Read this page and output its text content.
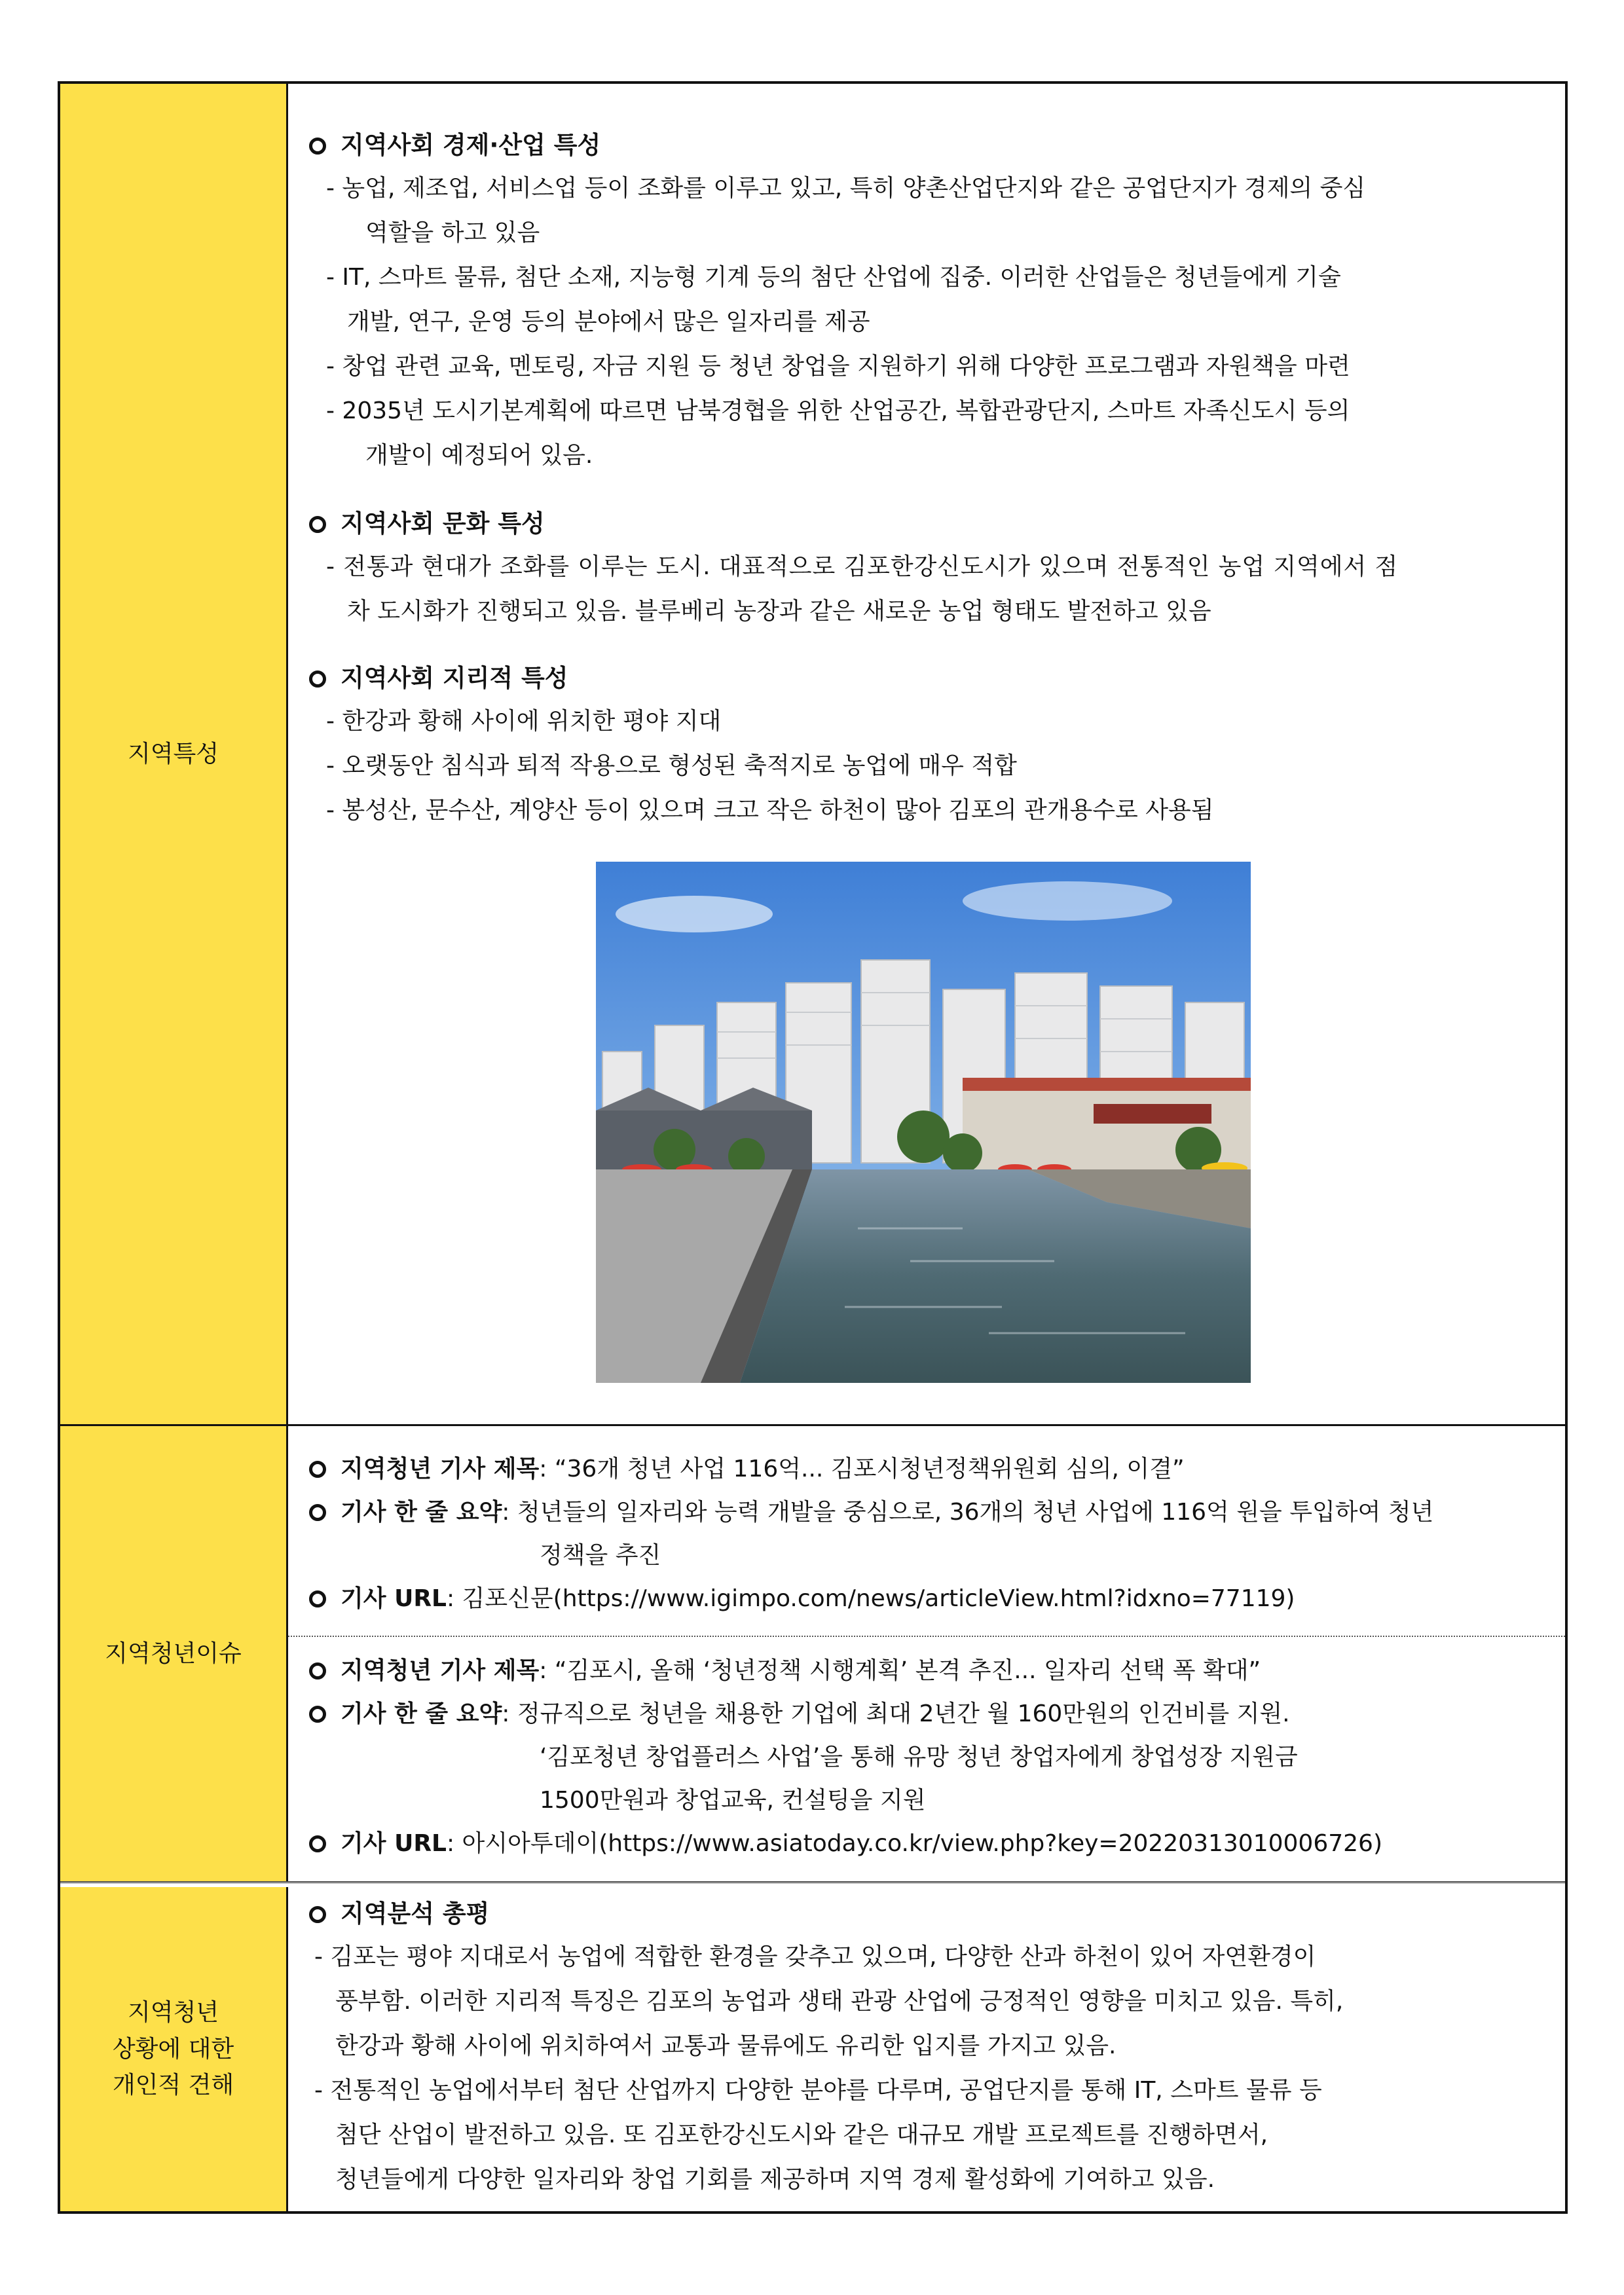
지역특성
지역사회 경제·산업 특성
- 농업, 제조업, 서비스업 등이 조화를 이루고 있고, 특히 양촌산업단지와 같은 공업단지가 경제의 중심
역할을 하고 있음
- IT, 스마트 물류, 첨단 소재, 지능형 기계 등의 첨단 산업에 집중. 이러한 산업들은 청년들에게 기술
개발, 연구, 운영 등의 분야에서 많은 일자리를 제공
- 창업 관련 교육, 멘토링, 자금 지원 등 청년 창업을 지원하기 위해 다양한 프로그램과 자원책을 마련
- 2035년 도시기본계획에 따르면 남북경협을 위한 산업공간, 복합관광단지, 스마트 자족신도시 등의
개발이 예정되어 있음.
지역사회 문화 특성
- 전통과 현대가 조화를 이루는 도시. 대표적으로 김포한강신도시가 있으며 전통적인 농업 지역에서 점
차 도시화가 진행되고 있음. 블루베리 농장과 같은 새로운 농업 형태도 발전하고 있음
지역사회 지리적 특성
- 한강과 황해 사이에 위치한 평야 지대
- 오랫동안 침식과 퇴적 작용으로 형성된 축적지로 농업에 매우 적합
- 봉성산, 문수산, 계양산 등이 있으며 크고 작은 하천이 많아 김포의 관개용수로 사용됨
지역청년이슈
지역청년 기사 제목: “36개 청년 사업 116억... 김포시청년정책위원회 심의, 이결”
기사 한 줄 요약: 청년들의 일자리와 능력 개발을 중심으로, 36개의 청년 사업에 116억 원을 투입하여 청년
정책을 추진
기사 URL: 김포신문(https://www.igimpo.com/news/articleView.html?idxno=77119)
지역청년 기사 제목: “김포시, 올해 ‘청년정책 시행계획’ 본격 추진... 일자리 선택 폭 확대”
기사 한 줄 요약: 정규직으로 청년을 채용한 기업에 최대 2년간 월 160만원의 인건비를 지원.
‘김포청년 창업플러스 사업’을 통해 유망 청년 창업자에게 창업성장 지원금
1500만원과 창업교육, 컨설팅을 지원
기사 URL: 아시아투데이(https://www.asiatoday.co.kr/view.php?key=20220313010006726)
지역청년
상황에 대한
개인적 견해
지역분석 총평
- 김포는 평야 지대로서 농업에 적합한 환경을 갖추고 있으며, 다양한 산과 하천이 있어 자연환경이
풍부함. 이러한 지리적 특징은 김포의 농업과 생태 관광 산업에 긍정적인 영향을 미치고 있음. 특히,
한강과 황해 사이에 위치하여서 교통과 물류에도 유리한 입지를 가지고 있음.
- 전통적인 농업에서부터 첨단 산업까지 다양한 분야를 다루며, 공업단지를 통해 IT, 스마트 물류 등
첨단 산업이 발전하고 있음. 또 김포한강신도시와 같은 대규모 개발 프로젝트를 진행하면서,
청년들에게 다양한 일자리와 창업 기회를 제공하며 지역 경제 활성화에 기여하고 있음.
